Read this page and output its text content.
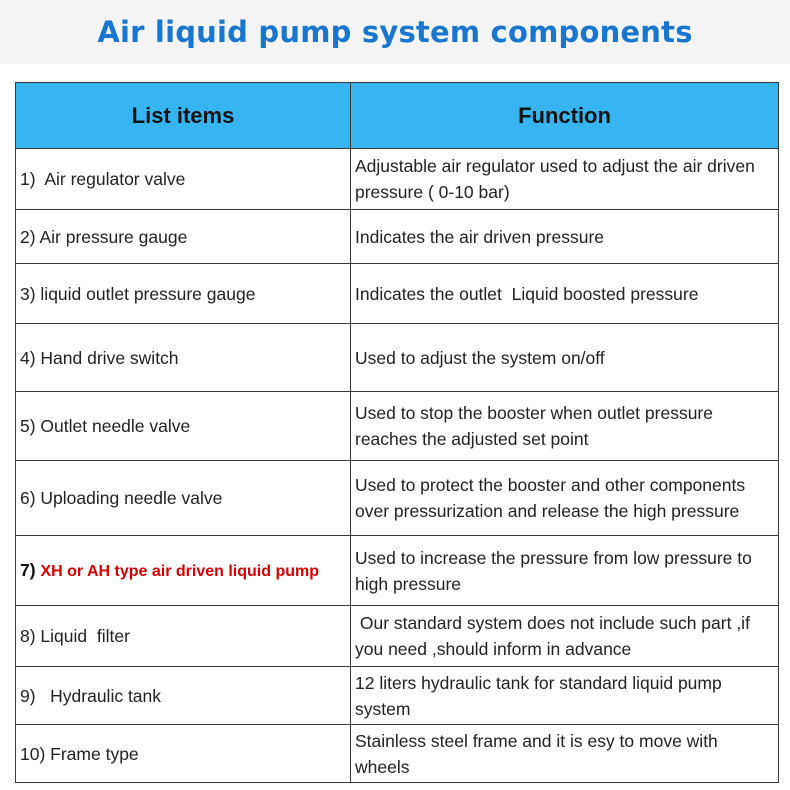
Air liquid pump system components
List items	Function
1)  Air regulator valve	Adjustable air regulator used to adjust the air driven pressure ( 0-10 bar)
2) Air pressure gauge	Indicates the air driven pressure
3) liquid outlet pressure gauge	Indicates the outlet  Liquid boosted pressure
4) Hand drive switch	Used to adjust the system on/off
5) Outlet needle valve	Used to stop the booster when outlet pressure reaches the adjusted set point
6) Uploading needle valve	Used to protect the booster and other components over pressurization and release the high pressure
7) XH or AH type air driven liquid pump	Used to increase the pressure from low pressure to high pressure
8) Liquid  filter	Our standard system does not include such part ,if you need ,should inform in advance
9)   Hydraulic tank	12 liters hydraulic tank for standard liquid pump system
10) Frame type	Stainless steel frame and it is esy to move with wheels
